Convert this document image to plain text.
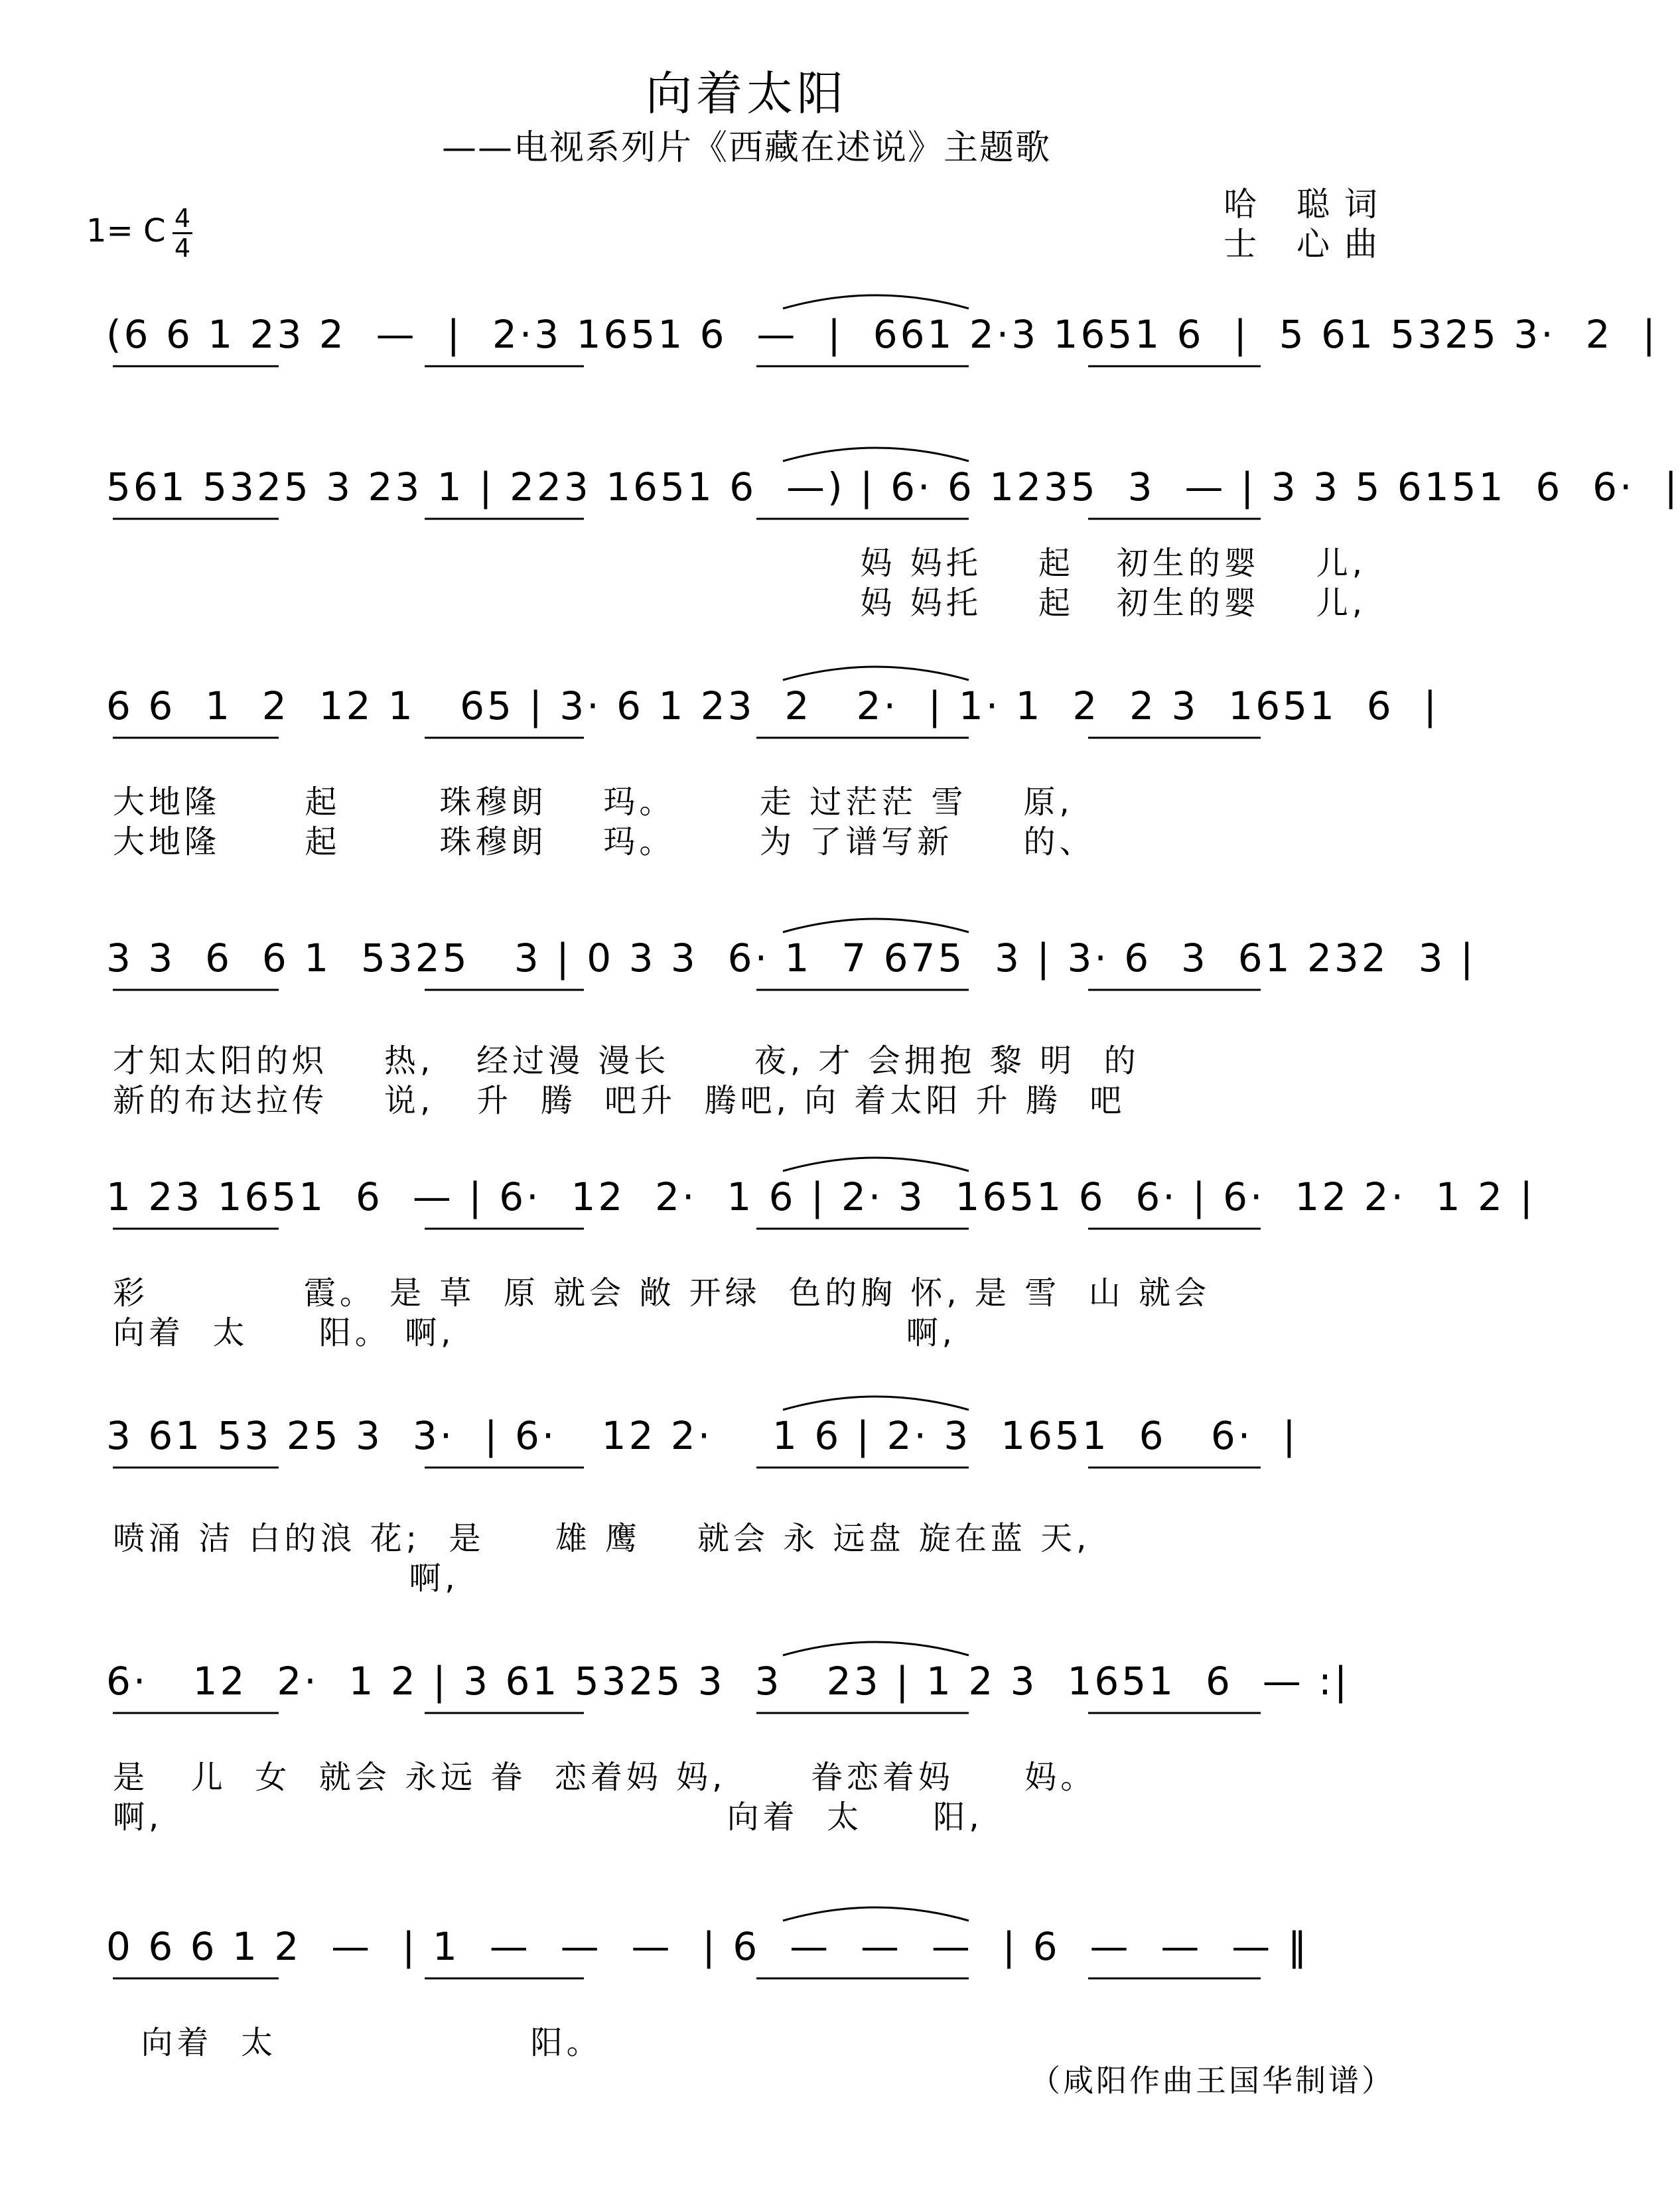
向着太阳
——电视系列片《西藏在述说》主题歌
哈 聪词
士 心曲
1= C 4
4
(6 6 1 23 2  —  |  2·3 1651 6  —  |  661 2·3 1651 6  |  5 61 5325 3·  2  |
561 5325 3 23 1 | 223 1651 6  —) | 6· 6 1235  3  — | 3 3 5 6151  6  6·  |
妈 妈托    起   初生的婴    儿,
妈 妈托    起   初生的婴    儿,
6 6  1  2  12 1   65 | 3· 6 1 23  2   2·  | 1· 1  2  2 3  1651  6  |
大地隆      起       珠穆朗    玛。      走 过茫茫 雪    原,
大地隆      起       珠穆朗    玛。      为 了谱写新     的、
3 3  6  6 1  5325   3 | 0 3 3  6· 1  7 675  3 | 3· 6  3  61 232  3 |
才知太阳的炽    热,   经过漫 漫长      夜, 才 会拥抱 黎 明  的
新的布达拉传    说,   升  腾  吧升  腾吧, 向 着太阳 升 腾  吧
1 23 1651  6  — | 6·  12  2·  1 6 | 2· 3  1651 6  6· | 6·  12 2·  1 2 |
彩           霞。 是 草  原 就会 敞 开绿  色的胸 怀, 是 雪  山 就会
向着  太     阳。 啊,                                啊,
3 61 53 25 3  3·  | 6·   12 2·    1 6 | 2· 3  1651  6   6·  |
喷涌 洁 白的浪 花;  是     雄 鹰    就会 永 远盘 旋在蓝 天,
啊,
6·   12  2·  1 2 | 3 61 5325 3  3   23 | 1 2 3  1651  6  — :|
是   儿  女  就会 永远 眷  恋着妈 妈,      眷恋着妈     妈。
啊,                                        向着  太     阳,
0 6 6 1 2  —  | 1  —  —  —  | 6  —  —  —  | 6  —  —  — ‖
向着  太                  阳。
（咸阳作曲王国华制谱）
